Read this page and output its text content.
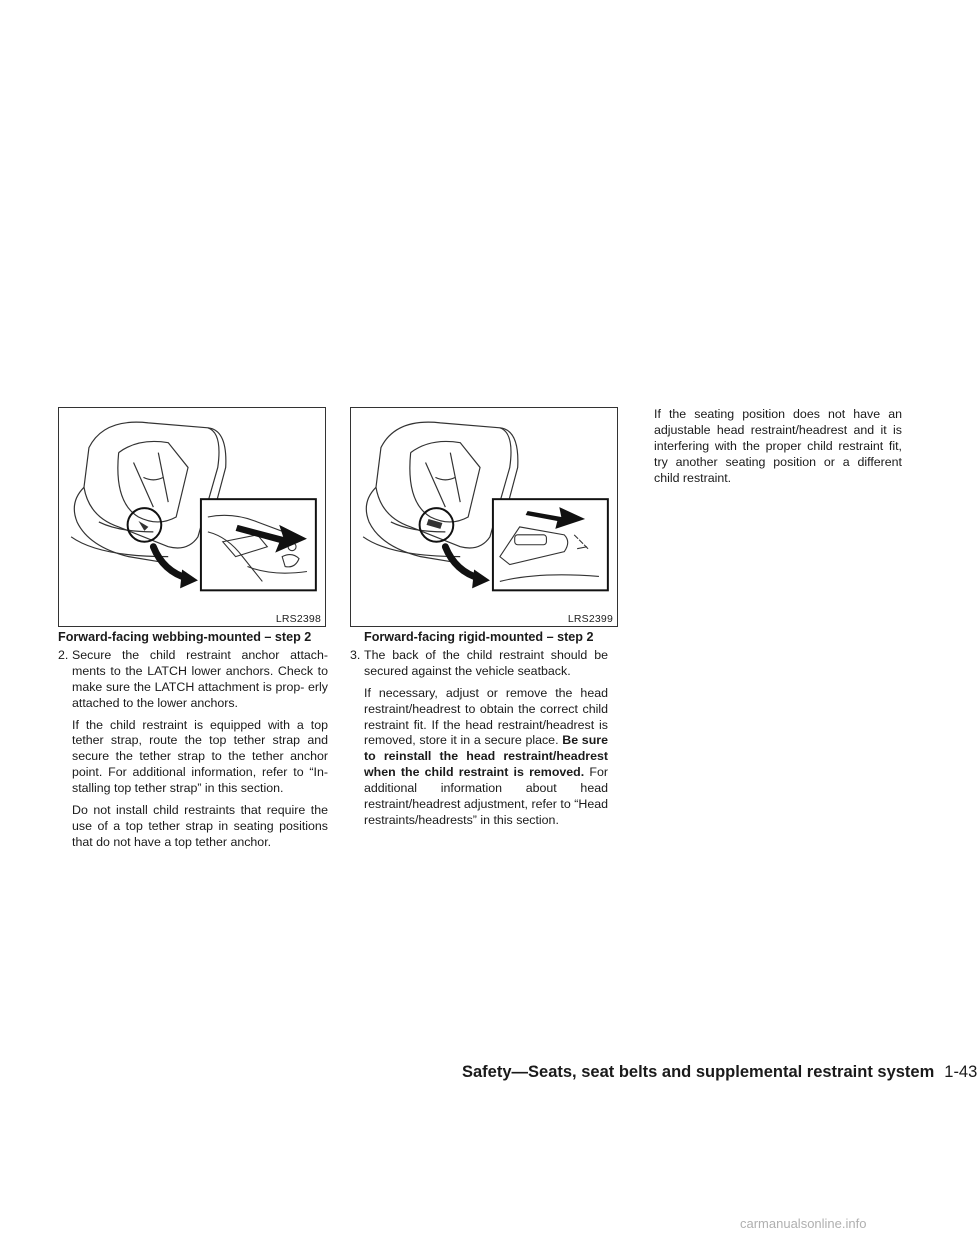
LRS2398	LRS2399

Forward-facing webbing-mounted – step 2

2. Secure the child restraint anchor attach- ments to the LATCH lower anchors. Check to make sure the LATCH attachment is prop- erly attached to the lower anchors.

If the child restraint is equipped with a top tether strap, route the top tether strap and secure the tether strap to the tether anchor point. For additional information, refer to “In- stalling top tether strap” in this section.

Do not install child restraints that require the use of a top tether strap in seating positions that do not have a top tether anchor.

Forward-facing rigid-mounted – step 2

3. The back of the child restraint should be secured against the vehicle seatback.

If necessary, adjust or remove the head restraint/headrest to obtain the correct child restraint fit. If the head restraint/headrest is removed, store it in a secure place. Be sure to reinstall the head restraint/headrest when the child restraint is removed. For additional information about head restraint/headrest adjustment, refer to “Head restraints/headrests” in this section.

If the seating position does not have an adjustable head restraint/headrest and it is interfering with the proper child restraint fit, try another seating position or a different child restraint.

Safety—Seats, seat belts and supplemental restraint system 1-43
carmanualsonline.info
